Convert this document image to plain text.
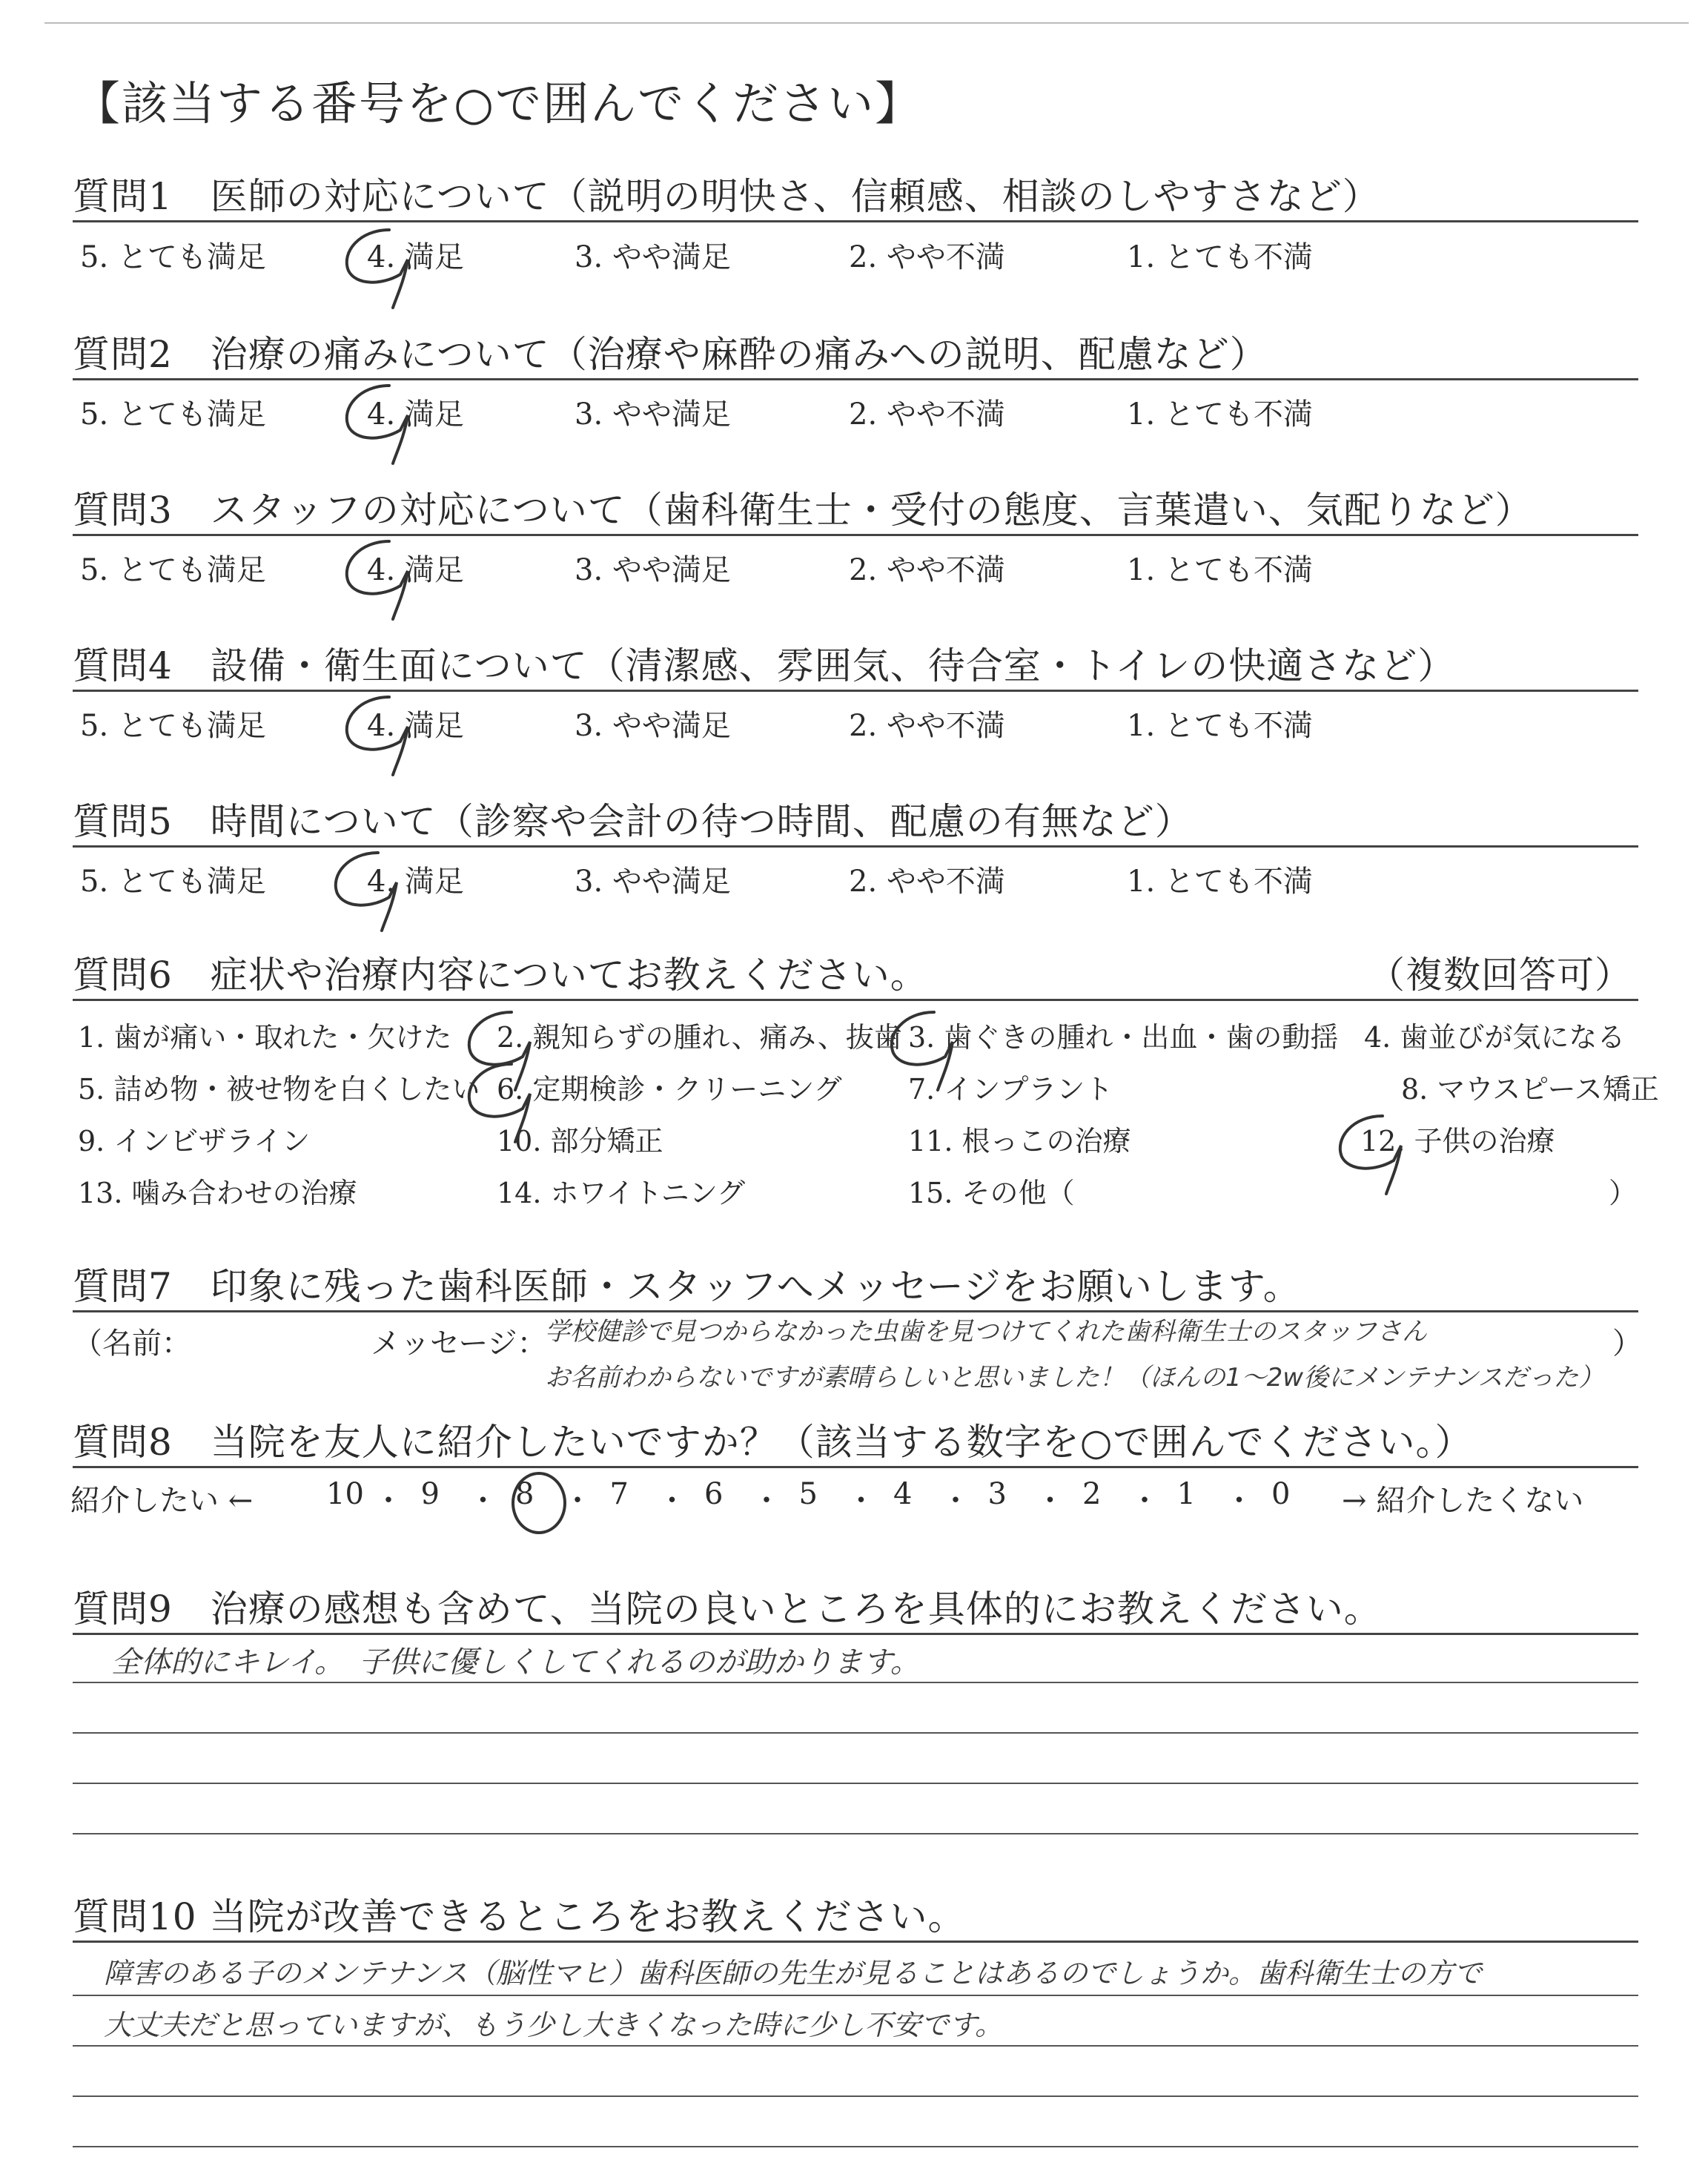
【該当する番号を○で囲んでください】
質問1　医師の対応について（説明の明快さ、信頼感、相談のしやすさなど）
5. とても満足	4. 満足	3. やや満足	2. やや不満	1. とても不満
質問2　治療の痛みについて（治療や麻酔の痛みへの説明、配慮など）
5. とても満足	4. 満足	3. やや満足	2. やや不満	1. とても不満
質問3　スタッフの対応について（歯科衛生士・受付の態度、言葉遣い、気配りなど）
5. とても満足	4. 満足	3. やや満足	2. やや不満	1. とても不満
質問4　設備・衛生面について（清潔感、雰囲気、待合室・トイレの快適さなど）
5. とても満足	4. 満足	3. やや満足	2. やや不満	1. とても不満
質問5　時間について（診察や会計の待つ時間、配慮の有無など）
5. とても満足	4. 満足	3. やや満足	2. やや不満	1. とても不満
質問6　症状や治療内容についてお教えください。	（複数回答可）
1. 歯が痛い・取れた・欠けた 2. 親知らずの腫れ、痛み、抜歯 3. 歯ぐきの腫れ・出血・歯の動揺 4. 歯並びが気になる
5. 詰め物・被せ物を白くしたい 6. 定期検診・クリーニング 7. インプラント	8. マウスピース矯正
9. インビザライン	10. 部分矯正	11. 根っこの治療	12. 子供の治療
13. 噛み合わせの治療	14. ホワイトニング	15. その他（	）
質問7　印象に残った歯科医師・スタッフへメッセージをお願いします。
（名前：	メッセージ：
学校健診で見つからなかった虫歯を見つけてくれた歯科衛生士のスタッフさん
お名前わからないですが素晴らしいと思いました！（ほんの1〜2w後にメンテナンスだった）
）
質問8　当院を友人に紹介したいですか？（該当する数字を○で囲んでください。）
紹介したい ←	→ 紹介したくない
10 ・ 9 ・ 8 ・ 7 ・ 6 ・ 5 ・ 4 ・ 3 ・ 2 ・ 1 ・ 0
質問9　治療の感想も含めて、当院の良いところを具体的にお教えください。
全体的にキレイ。　子供に優しくしてくれるのが助かります。
質問10 当院が改善できるところをお教えください。
障害のある子のメンテナンス（脳性マヒ）歯科医師の先生が見ることはあるのでしょうか。歯科衛生士の方で
大丈夫だと思っていますが、もう少し大きくなった時に少し不安です。
